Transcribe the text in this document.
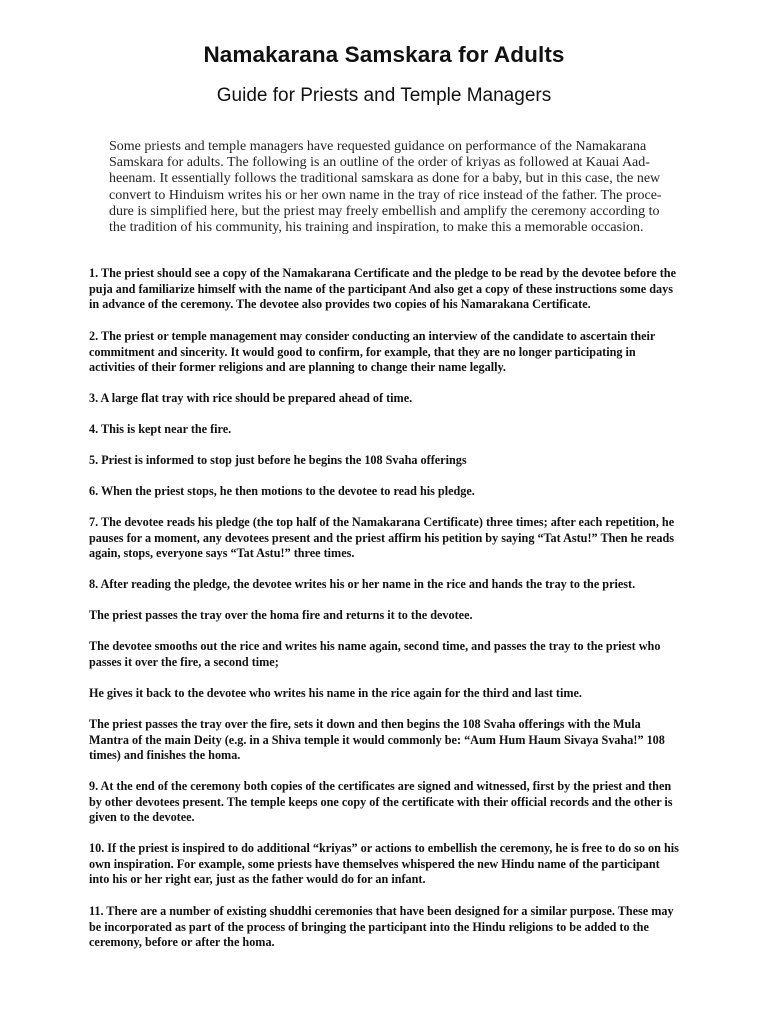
Namakarana Samskara for Adults
Guide for Priests and Temple Managers

Some priests and temple managers have requested guidance on performance of the Namakarana Samskara for adults. The following is an outline of the order of kriyas as followed at Kauai Aad-heenam. It essentially follows the traditional samskara as done for a baby, but in this case, the new convert to Hinduism writes his or her own name in the tray of rice instead of the father. The proce-dure is simplified here, but the priest may freely embellish and amplify the ceremony according to the tradition of his community, his training and inspiration, to make this a memorable occasion.

1. The priest should see a copy of the Namakarana Certificate and the pledge to be read by the devotee before the puja and familiarize himself with the name of the participant And also get a copy of these instructions some days in advance of the ceremony. The devotee also provides two copies of his Namarakana Certificate.

2. The priest or temple management may consider conducting an interview of the candidate to ascertain their commitment and sincerity. It would good to confirm, for example, that they are no longer participating in activities of their former religions and are planning to change their name legally.

3. A large flat tray with rice should be prepared ahead of time.

4. This is kept near the fire.

5. Priest is informed to stop just before he begins the 108 Svaha offerings

6. When the priest stops, he then motions to the devotee to read his pledge.

7. The devotee reads his pledge (the top half of the Namakarana Certificate) three times; after each repetition, he pauses for a moment, any devotees present and the priest affirm his petition by saying “Tat Astu!” Then he reads again, stops, everyone says “Tat Astu!” three times.

8. After reading the pledge, the devotee writes his or her name in the rice and hands the tray to the priest.

The priest passes the tray over the homa fire and returns it to the devotee.

The devotee smooths out the rice and writes his name again, second time, and passes the tray to the priest who passes it over the fire, a second time;

He gives it back to the devotee who writes his name in the rice again for the third and last time.

The priest passes the tray over the fire, sets it down and then begins the 108 Svaha offerings with the Mula Mantra of the main Deity (e.g. in a Shiva temple it would commonly be: “Aum Hum Haum Sivaya Svaha!” 108 times) and finishes the homa.

9. At the end of the ceremony both copies of the certificates are signed and witnessed, first by the priest and then by other devotees present. The temple keeps one copy of the certificate with their official records and the other is given to the devotee.

10. If the priest is inspired to do additional “kriyas” or actions to embellish the ceremony, he is free to do so on his own inspiration. For example, some priests have themselves whispered the new Hindu name of the participant into his or her right ear, just as the father would do for an infant.

11. There are a number of existing shuddhi ceremonies that have been designed for a similar purpose. These may be incorporated as part of the process of bringing the participant into the Hindu religions to be added to the ceremony, before or after the homa.
